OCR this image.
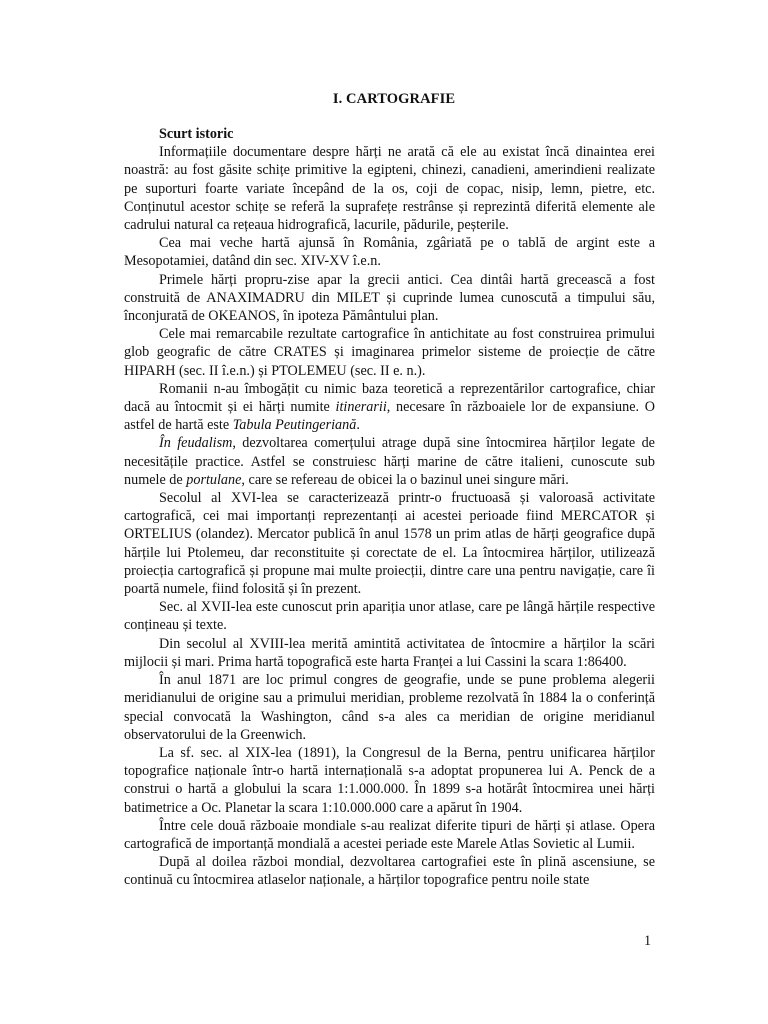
I. CARTOGRAFIE

Scurt istoric

Informațiile documentare despre hărți ne arată că ele au existat încă dinaintea erei noastră: au fost găsite schițe primitive la egipteni, chinezi, canadieni, amerindieni realizate pe suporturi foarte variate începând de la os, coji de copac, nisip, lemn, pietre, etc. Conținutul acestor schițe se referă la suprafețe restrânse și reprezintă diferită elemente ale cadrului natural ca rețeaua hidrografică, lacurile, pădurile, peșterile.

Cea mai veche hartă ajunsă în România, zgâriată pe o tablă de argint este a Mesopotamiei, datând din sec. XIV-XV î.e.n.

Primele hărți propru-zise apar la grecii antici. Cea dintâi hartă grecească a fost construită de ANAXIMADRU din MILET și cuprinde lumea cunoscută a timpului său, înconjurată de OKEANOS, în ipoteza Pământului plan.

Cele mai remarcabile rezultate cartografice în antichitate au fost construirea primului glob geografic de către CRATES și imaginarea primelor sisteme de proiecție de către HIPARH (sec. II î.e.n.) și PTOLEMEU (sec. II e. n.).

Romanii n-au îmbogățit cu nimic baza teoretică a reprezentărilor cartografice, chiar dacă au întocmit și ei hărți numite itinerarii, necesare în războaiele lor de expansiune. O astfel de hartă este Tabula Peutingeriană.

În feudalism, dezvoltarea comerțului atrage după sine întocmirea hărților legate de necesitățile practice. Astfel se construiesc hărți marine de către italieni, cunoscute sub numele de portulane, care se refereau de obicei la o bazinul unei singure mări.

Secolul al XVI-lea se caracterizează printr-o fructuoasă și valoroasă activitate cartografică, cei mai importanți reprezentanți ai acestei perioade fiind MERCATOR și ORTELIUS (olandez). Mercator publică în anul 1578 un prim atlas de hărți geografice după hărțile lui Ptolemeu, dar reconstituite și corectate de el. La întocmirea hărților, utilizează proiecția cartografică și propune mai multe proiecții, dintre care una pentru navigație, care îi poartă numele, fiind folosită și în prezent.

Sec. al XVII-lea este cunoscut prin apariția unor atlase, care pe lângă hărțile respective conțineau și texte.

Din secolul al XVIII-lea merită amintită activitatea de întocmire a hărților la scări mijlocii și mari. Prima hartă topografică este harta Franței a lui Cassini la scara 1:86400.

În anul 1871 are loc primul congres de geografie, unde se pune problema alegerii meridianului de origine sau a primului meridian, probleme rezolvată în 1884 la o conferință special convocată la Washington, când s-a ales ca meridian de origine meridianul observatorului de la Greenwich.

La sf. sec. al XIX-lea (1891), la Congresul de la Berna, pentru unificarea hărților topografice naționale într-o hartă internațională s-a adoptat propunerea lui A. Penck de a construi o hartă a globului la scara 1:1.000.000. În 1899 s-a hotărât întocmirea unei hărți batimetrice a Oc. Planetar la scara 1:10.000.000 care a apărut în 1904.

Între cele două războaie mondiale s-au realizat diferite tipuri de hărți și atlase. Opera cartografică de importanță mondială a acestei periade este Marele Atlas Sovietic al Lumii.

După al doilea război mondial, dezvoltarea cartografiei este în plină ascensiune, se continuă cu întocmirea atlaselor naționale, a hărților topografice pentru noile state

1
